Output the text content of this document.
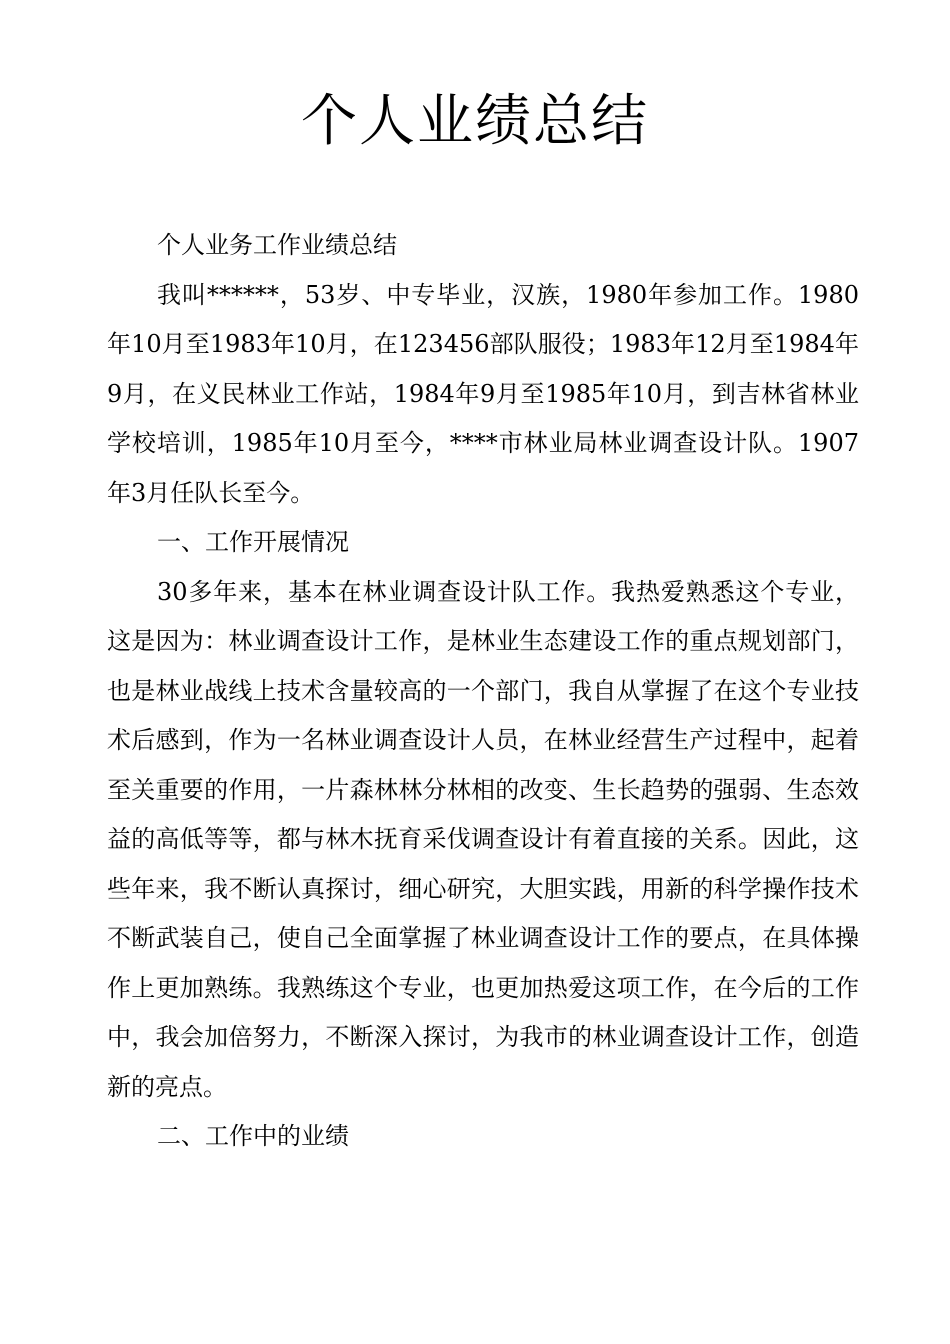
个人业绩总结

个人业务工作业绩总结

我叫******，53岁、中专毕业，汉族，1980年参加工作。1980年10月至1983年10月，在123456部队服役；1983年12月至1984年9月，在义民林业工作站，1984年9月至1985年10月，到吉林省林业学校培训，1985年10月至今，****市林业局林业调查设计队。1907年3月任队长至今。

一、工作开展情况

30多年来，基本在林业调查设计队工作。我热爱熟悉这个专业，这是因为：林业调查设计工作，是林业生态建设工作的重点规划部门，也是林业战线上技术含量较高的一个部门，我自从掌握了在这个专业技术后感到，作为一名林业调查设计人员，在林业经营生产过程中，起着至关重要的作用，一片森林林分林相的改变、生长趋势的强弱、生态效益的高低等等，都与林木抚育采伐调查设计有着直接的关系。因此，这些年来，我不断认真探讨，细心研究，大胆实践，用新的科学操作技术不断武装自己，使自己全面掌握了林业调查设计工作的要点，在具体操作上更加熟练。我熟练这个专业，也更加热爱这项工作，在今后的工作中，我会加倍努力，不断深入探讨，为我市的林业调查设计工作，创造新的亮点。

二、工作中的业绩
